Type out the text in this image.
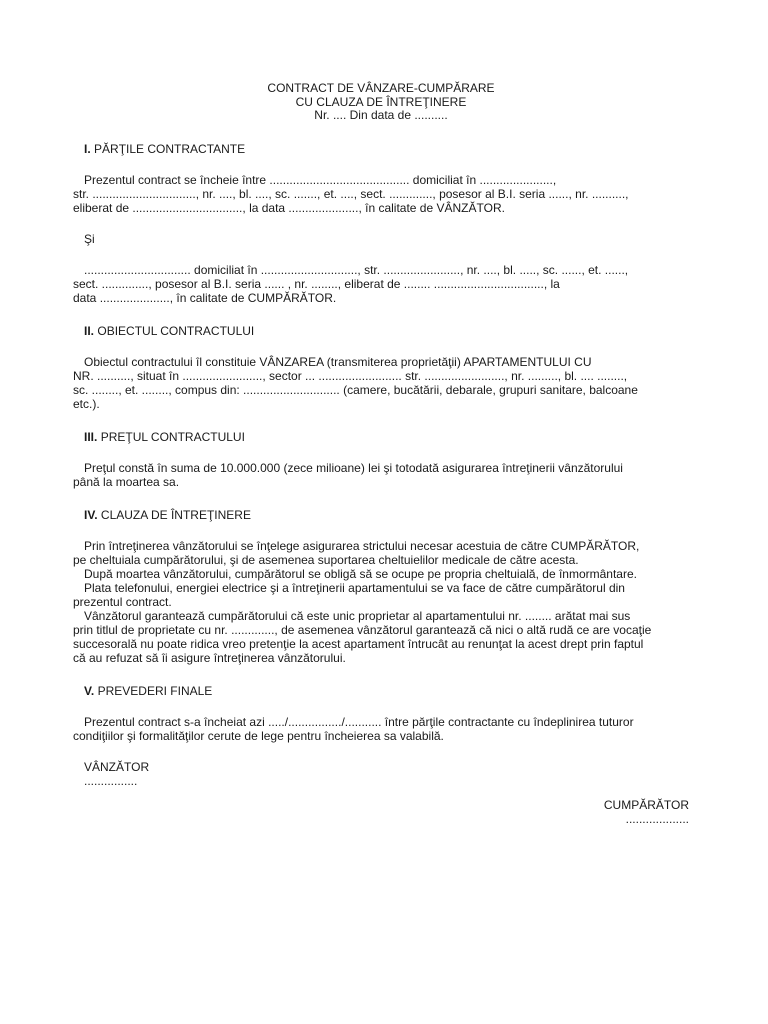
CONTRACT DE VÂNZARE-CUMPĂRARE
CU CLAUZA DE ÎNTREŢINERE
Nr. .... Din data de ..........
I. PĂRŢILE CONTRACTANTE

Prezentul contract se încheie între .......................................... domiciliat în ......................,

str. ..............................., nr. ...., bl. ...., sc. ......., et. ...., sect. ............., posesor al B.I. seria ......, nr. ..........,

eliberat de ................................., la data ....................., în calitate de VÂNZĂTOR.

Şi

................................ domiciliat în ............................., str. ......................., nr. ...., bl. ....., sc. ......, et. ......,

sect. .............., posesor al B.I. seria ...... , nr. ........, eliberat de ........ ................................., la

data ....................., în calitate de CUMPĂRĂTOR.

II. OBIECTUL CONTRACTULUI

Obiectul contractului îl constituie VÂNZAREA (transmiterea proprietăţii) APARTAMENTULUI CU

NR. .........., situat în ........................, sector ... ......................... str. ........................, nr. ........., bl. .... ........,

sc. ........, et. ........, compus din: ............................. (camere, bucătării, debarale, grupuri sanitare, balcoane

etc.).

III. PREŢUL CONTRACTULUI

Preţul constă în suma de 10.000.000 (zece milioane) lei şi totodată asigurarea întreţinerii vânzătorului

până la moartea sa.

IV. CLAUZA DE ÎNTREŢINERE

Prin întreţinerea vânzătorului se înţelege asigurarea strictului necesar acestuia de către CUMPĂRĂTOR,

pe cheltuiala cumpărătorului, şi de asemenea suportarea cheltuielilor medicale de către acesta.

După moartea vânzătorului, cumpărătorul se obligă să se ocupe pe propria cheltuială, de înmormântare.

Plata telefonului, energiei electrice şi a întreţinerii apartamentului se va face de către cumpărătorul din

prezentul contract.

Vânzătorul garantează cumpărătorului că este unic proprietar al apartamentului nr. ........ arătat mai sus

prin titlul de proprietate cu nr. ............., de asemenea vânzătorul garantează că nici o altă rudă ce are vocaţie

succesorală nu poate ridica vreo pretenţie la acest apartament întrucât au renunţat la acest drept prin faptul

că au refuzat să îi asigure întreţinerea vânzătorului.

V. PREVEDERI FINALE

Prezentul contract s-a încheiat azi ...../................/........... între părţile contractante cu îndeplinirea tuturor

condiţiilor şi formalităţilor cerute de lege pentru încheierea sa valabilă.

VÂNZĂTOR

................

CUMPĂRĂTOR

...................
